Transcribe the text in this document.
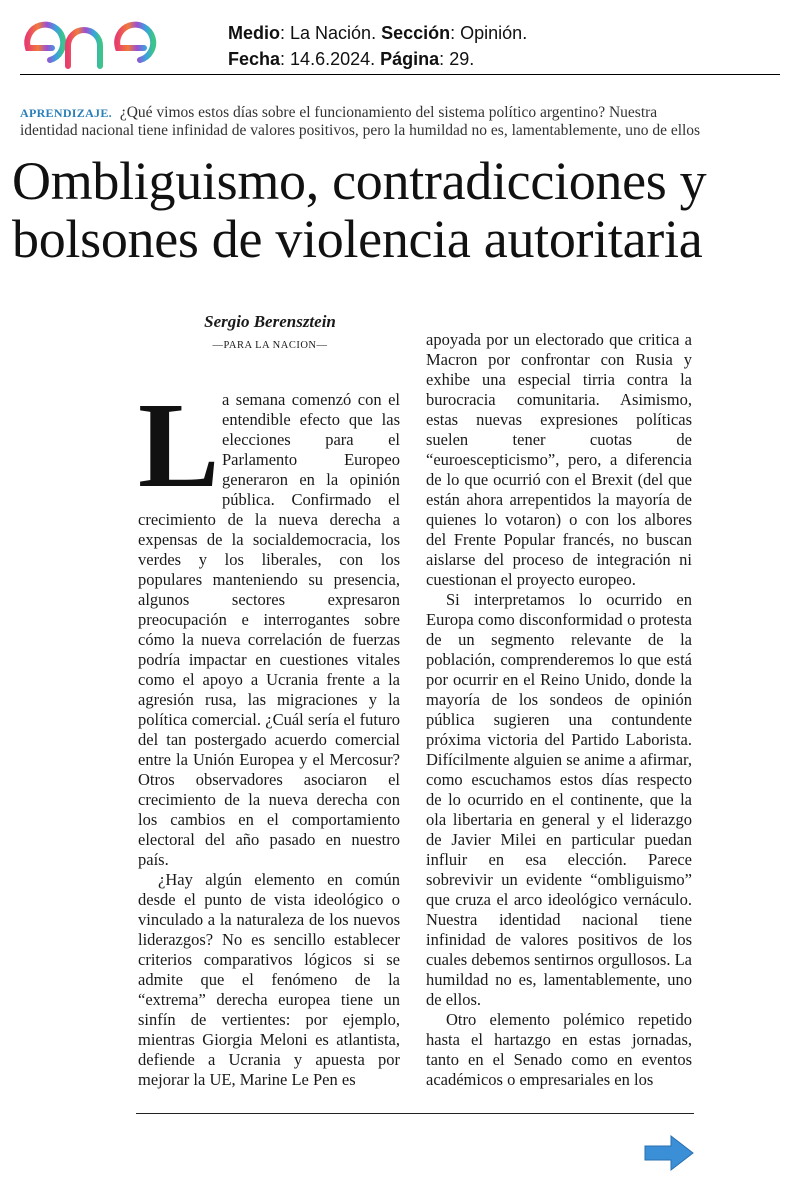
Medio: La Nación. Sección: Opinión.
Fecha: 14.6.2024. Página: 29.
APRENDIZAJE. ¿Qué vimos estos días sobre el funcionamiento del sistema político argentino? Nuestra
identidad nacional tiene infinidad de valores positivos, pero la humildad no es, lamentablemente, uno de ellos
Ombliguismo, contradicciones y
bolsones de violencia autoritaria
Sergio Berensztein
—PARA LA NACION—

La semana comenzó con el entendible efecto que las elecciones para el Parlamento Europeo generaron en la opinión pública. Confirmado el crecimiento de la nueva derecha a expensas de la socialdemocracia, los verdes y los liberales, con los populares manteniendo su presencia, algunos sectores expresaron preocupación e interrogantes sobre cómo la nueva correlación de fuerzas podría impactar en cuestiones vitales como el apoyo a Ucrania frente a la agresión rusa, las migraciones y la política comercial. ¿Cuál sería el futuro del tan postergado acuerdo comercial entre la Unión Europea y el Mercosur? Otros observadores asociaron el crecimiento de la nueva derecha con los cambios en el comportamiento electoral del año pasado en nuestro país.

¿Hay algún elemento en común desde el punto de vista ideológico o vinculado a la naturaleza de los nuevos liderazgos? No es sencillo establecer criterios comparativos lógicos si se admite que el fenómeno de la “extrema” derecha europea tiene un sinfín de vertientes: por ejemplo, mientras Giorgia Meloni es atlantista, defiende a Ucrania y apuesta por mejorar la UE, Marine Le Pen es

apoyada por un electorado que critica a Macron por confrontar con Rusia y exhibe una especial tirria contra la burocracia comunitaria. Asimismo, estas nuevas expresiones políticas suelen tener cuotas de “euroescepticismo”, pero, a diferencia de lo que ocurrió con el Brexit (del que están ahora arrepentidos la mayoría de quienes lo votaron) o con los albores del Frente Popular francés, no buscan aislarse del proceso de integración ni cuestionan el proyecto europeo.

Si interpretamos lo ocurrido en Europa como disconformidad o protesta de un segmento relevante de la población, comprenderemos lo que está por ocurrir en el Reino Unido, donde la mayoría de los sondeos de opinión pública sugieren una contundente próxima victoria del Partido Laborista. Difícilmente alguien se anime a afirmar, como escuchamos estos días respecto de lo ocurrido en el continente, que la ola libertaria en general y el liderazgo de Javier Milei en particular puedan influir en esa elección. Parece sobrevivir un evidente “ombliguismo” que cruza el arco ideológico vernáculo. Nuestra identidad nacional tiene infinidad de valores positivos de los cuales debemos sentirnos orgullosos. La humildad no es, lamentablemente, uno de ellos.

Otro elemento polémico repetido hasta el hartazgo en estas jornadas, tanto en el Senado como en eventos académicos o empresariales en los
